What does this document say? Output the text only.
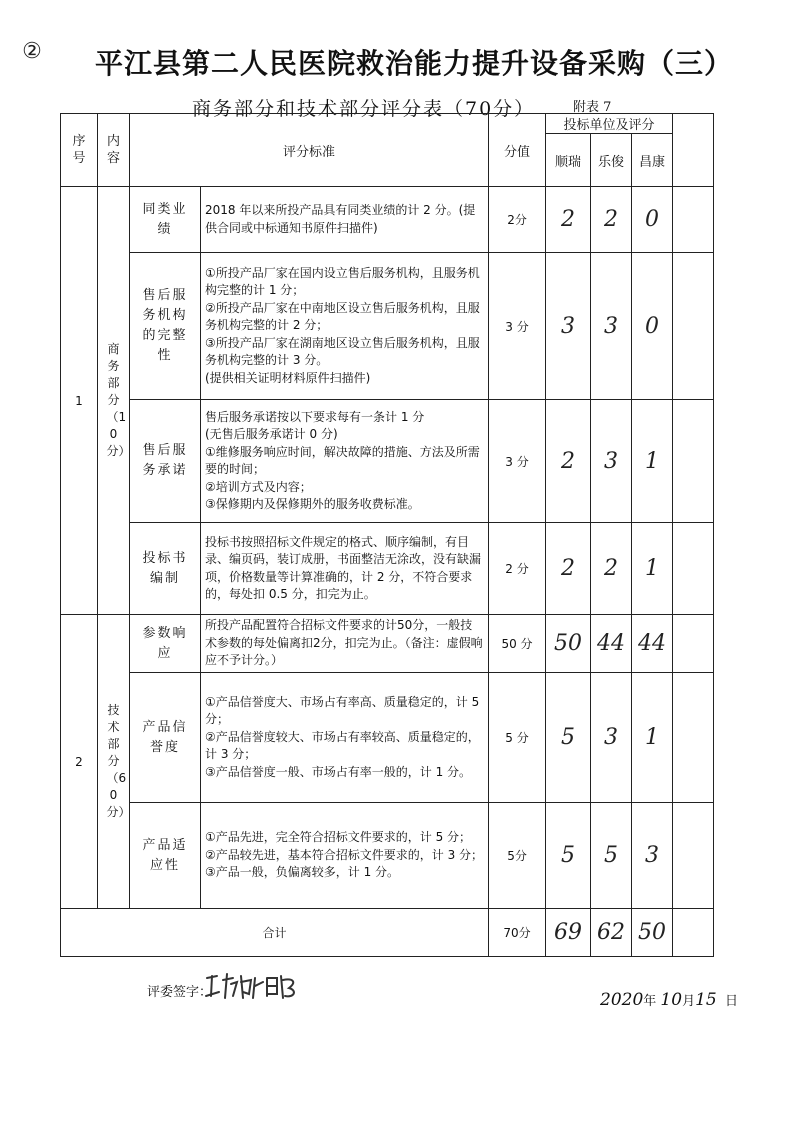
② 平江县第二人民医院救治能力提升设备采购（三）
商务部分和技术部分评分表（70分）	附表 7
序号	内容	评分标准		分值	投标单位及评分			
					顺瑞	乐俊	昌康	
1	商务部分（10分）	同类业绩	2018 年以来所投产品具有同类业绩的计 2 分。(提供合同或中标通知书原件扫描件)	2分	2	2	0	
		售后服务机构的完整性	①所投产品厂家在国内设立售后服务机构，且服务机构完整的计 1 分；
②所投产品厂家在中南地区设立售后服务机构，且服务机构完整的计 2 分；
③所投产品厂家在湖南地区设立售后服务机构，且服务机构完整的计 3 分。
(提供相关证明材料原件扫描件)	3 分	3	3	0	
		售后服务承诺	售后服务承诺按以下要求每有一条计 1 分
(无售后服务承诺计 0 分)
①维修服务响应时间，解决故障的措施、方法及所需要的时间；
②培训方式及内容；
③保修期内及保修期外的服务收费标准。	3 分	2	3	1	
		投标书编制	投标书按照招标文件规定的格式、顺序编制，有目录、编页码，装订成册，书面整洁无涂改，没有缺漏项，价格数量等计算准确的，计 2 分，不符合要求的，每处扣 0.5 分，扣完为止。	2 分	2	2	1	
2	技术部分（60分）	参数响应	所投产品配置符合招标文件要求的计50分，一般技术参数的每处偏离扣2分，扣完为止。（备注：虚假响应不予计分。）	50 分	50	44	44	
		产品信誉度	①产品信誉度大、市场占有率高、质量稳定的，计 5 分；
②产品信誉度较大、市场占有率较高、质量稳定的，计 3 分；
③产品信誉度一般、市场占有率一般的，计 1 分。	5 分	5	3	1	
		产品适应性	①产品先进，完全符合招标文件要求的，计 5 分；
②产品较先进，基本符合招标文件要求的，计 3 分；
③产品一般，负偏离较多，计 1 分。	5分	5	5	3	
合计				70分	69	62	50	
评委签字：	2020年 10月15 日
